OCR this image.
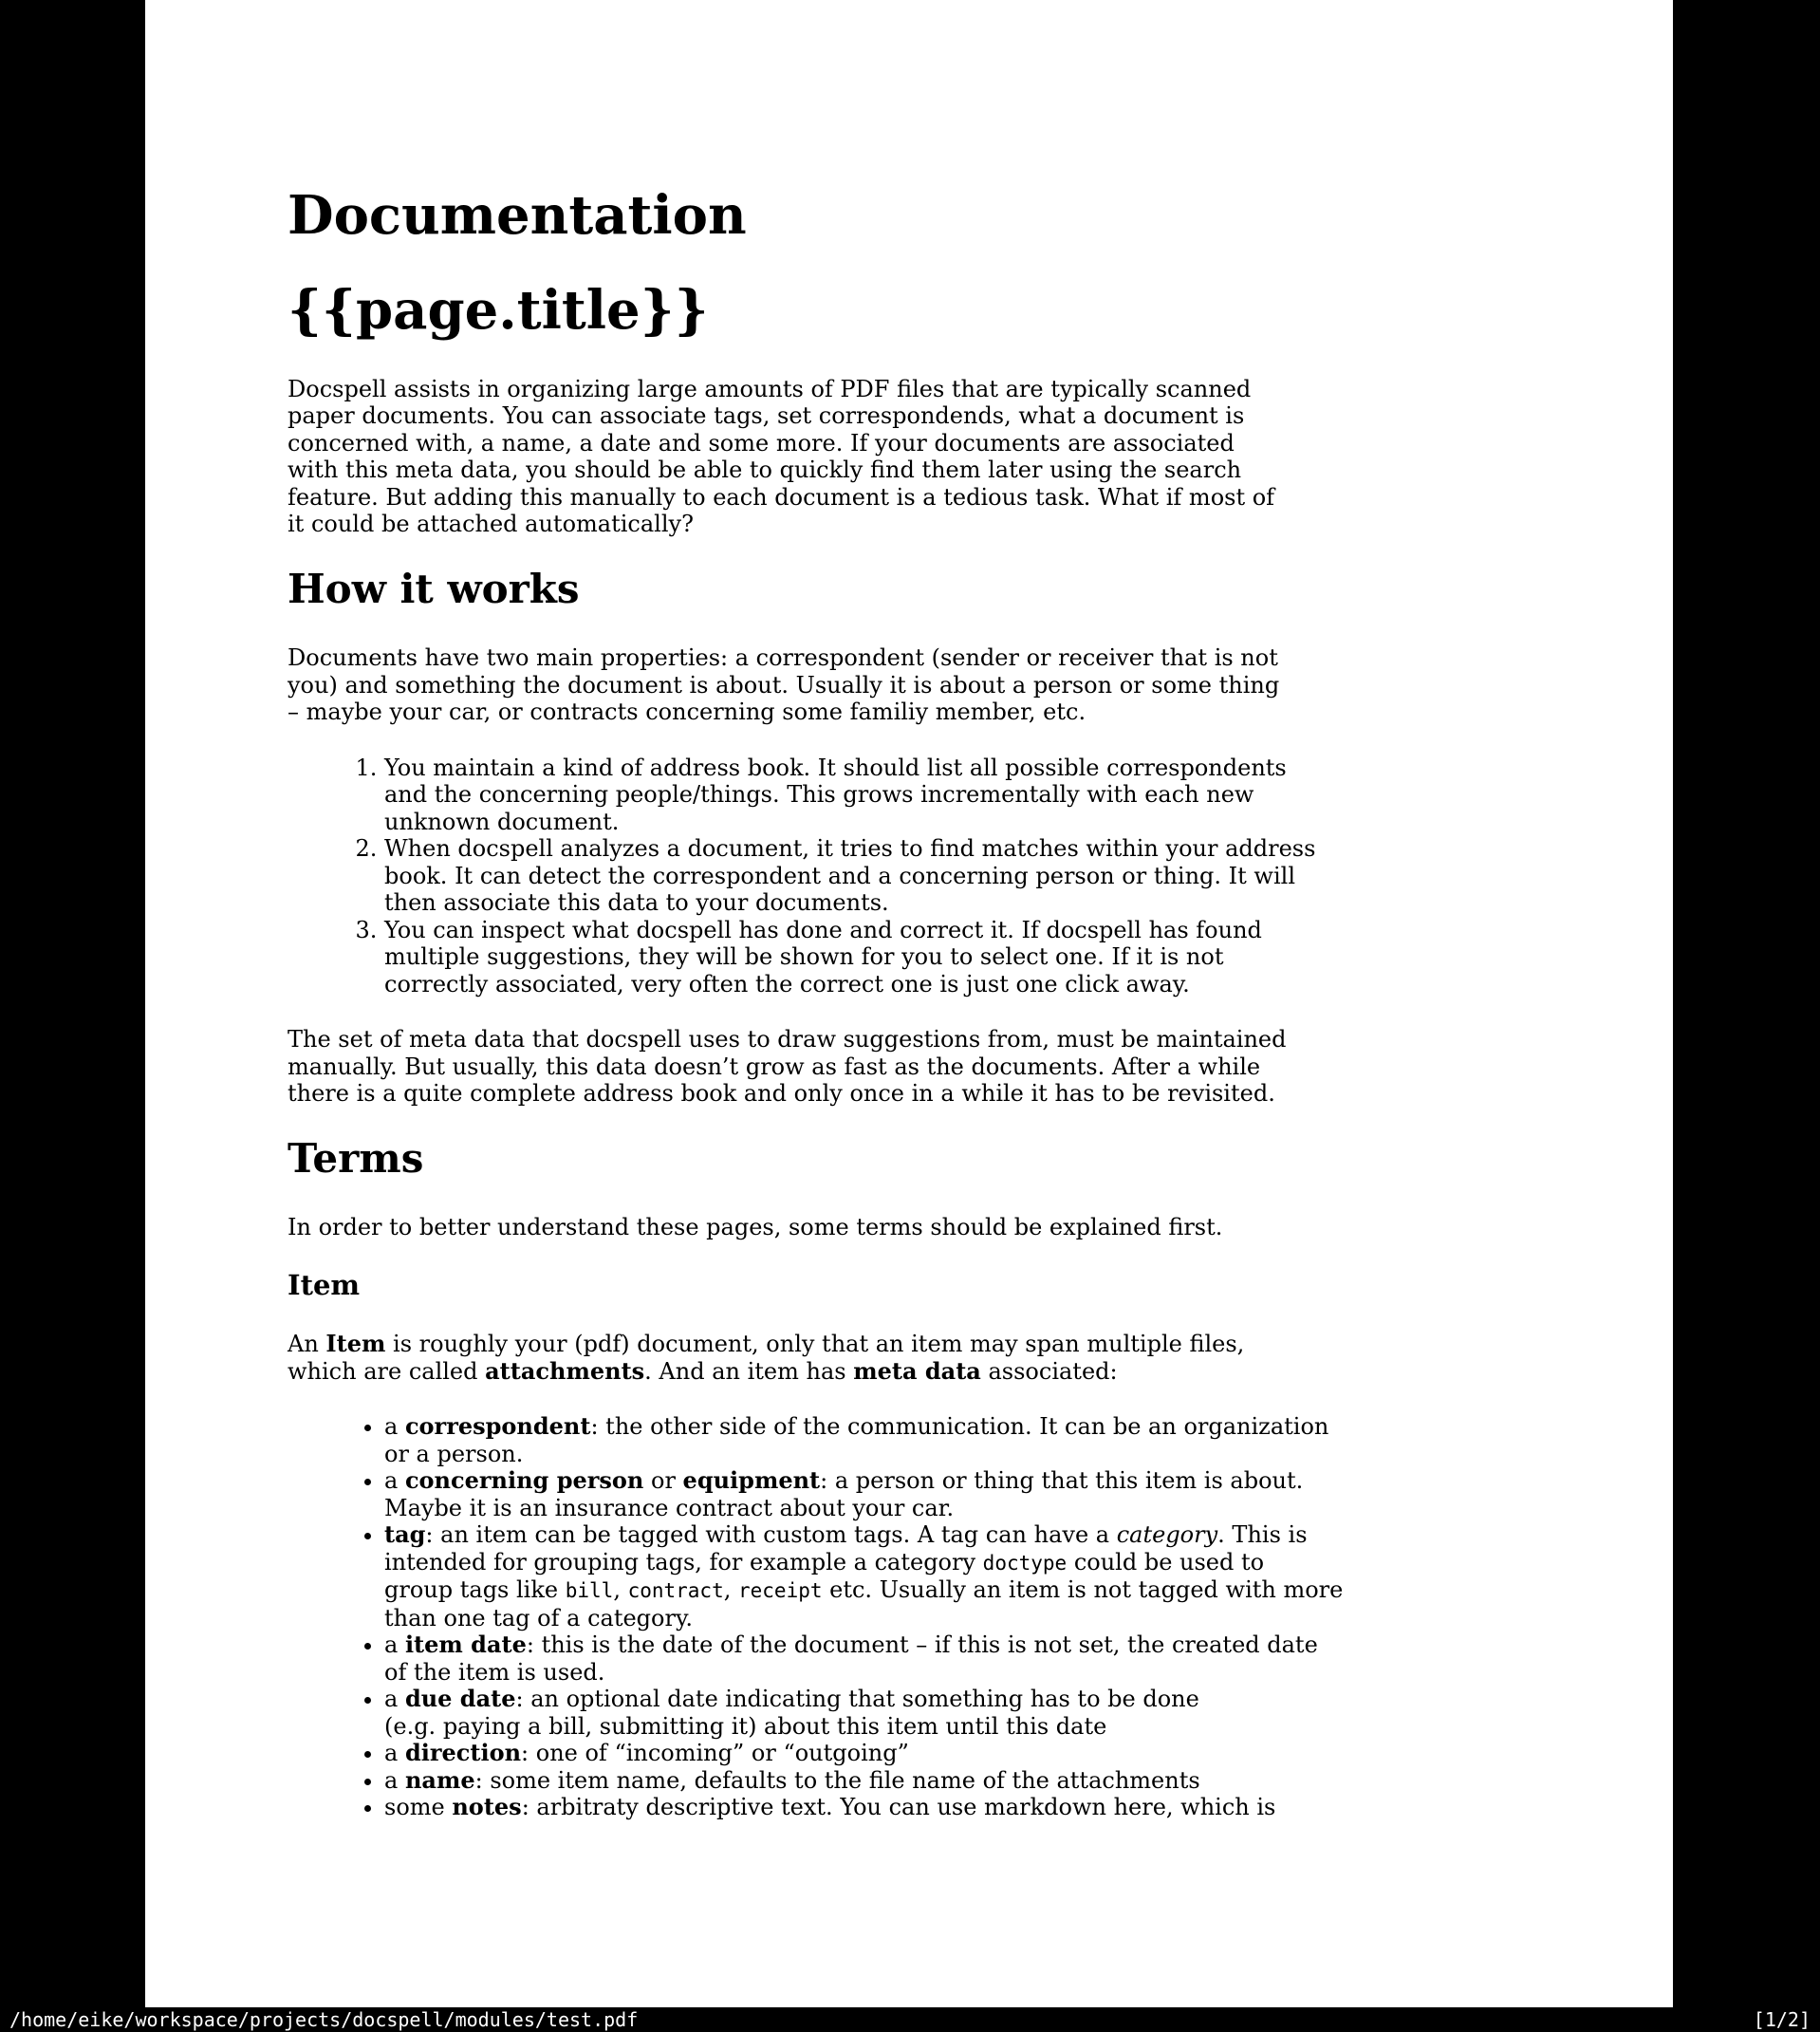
Documentation
{{page.title}}

Docspell assists in organizing large amounts of PDF files that are typically scanned
paper documents. You can associate tags, set correspondends, what a document is
concerned with, a name, a date and some more. If your documents are associated
with this meta data, you should be able to quickly find them later using the search
feature. But adding this manually to each document is a tedious task. What if most of
it could be attached automatically?

How it works

Documents have two main properties: a correspondent (sender or receiver that is not
you) and something the document is about. Usually it is about a person or some thing
– maybe your car, or contracts concerning some familiy member, etc.

1. You maintain a kind of address book. It should list all possible correspondents
and the concerning people/things. This grows incrementally with each new
unknown document.
2. When docspell analyzes a document, it tries to find matches within your address
book. It can detect the correspondent and a concerning person or thing. It will
then associate this data to your documents.
3. You can inspect what docspell has done and correct it. If docspell has found
multiple suggestions, they will be shown for you to select one. If it is not
correctly associated, very often the correct one is just one click away.

The set of meta data that docspell uses to draw suggestions from, must be maintained
manually. But usually, this data doesn’t grow as fast as the documents. After a while
there is a quite complete address book and only once in a while it has to be revisited.

Terms

In order to better understand these pages, some terms should be explained first.

Item

An Item is roughly your (pdf) document, only that an item may span multiple files,
which are called attachments. And an item has meta data associated:

• a correspondent: the other side of the communication. It can be an organization
or a person.
• a concerning person or equipment: a person or thing that this item is about.
Maybe it is an insurance contract about your car.
• tag: an item can be tagged with custom tags. A tag can have a category. This is
intended for grouping tags, for example a category doctype could be used to
group tags like bill, contract, receipt etc. Usually an item is not tagged with more
than one tag of a category.
• a item date: this is the date of the document – if this is not set, the created date
of the item is used.
• a due date: an optional date indicating that something has to be done
(e.g. paying a bill, submitting it) about this item until this date
• a direction: one of “incoming” or “outgoing”
• a name: some item name, defaults to the file name of the attachments
• some notes: arbitraty descriptive text. You can use markdown here, which is
/home/eike/workspace/projects/docspell/modules/test.pdf	[1/2]
